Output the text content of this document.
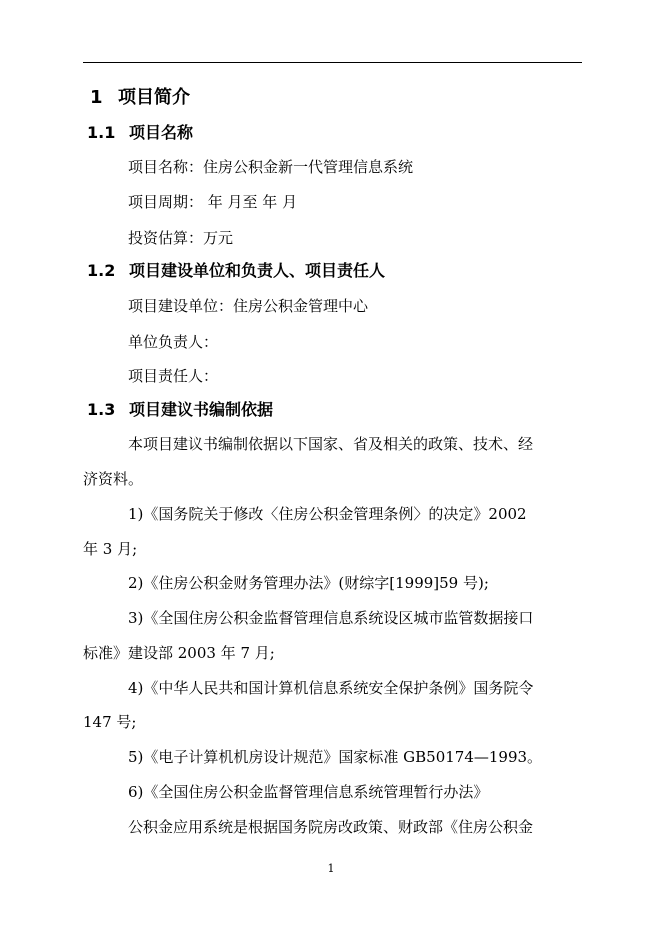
1 项目简介
1.1 项目名称
项目名称：住房公积金新一代管理信息系统
项目周期： 年 月至 年 月
投资估算：万元
1.2 项目建设单位和负责人、项目责任人
项目建设单位：住房公积金管理中心
单位负责人：
项目责任人：
1.3 项目建议书编制依据
本项目建议书编制依据以下国家、省及相关的政策、技术、经
济资料。
1)《国务院关于修改〈住房公积金管理条例〉的决定》2002
年 3 月;
2)《住房公积金财务管理办法》(财综字[1999]59 号);
3)《全国住房公积金监督管理信息系统设区城市监管数据接口
标准》建设部 2003 年 7 月;
4)《中华人民共和国计算机信息系统安全保护条例》国务院令
147 号;
5)《电子计算机机房设计规范》国家标准 GB50174—1993。
6)《全国住房公积金监督管理信息系统管理暂行办法》
公积金应用系统是根据国务院房改政策、财政部《住房公积金
1
